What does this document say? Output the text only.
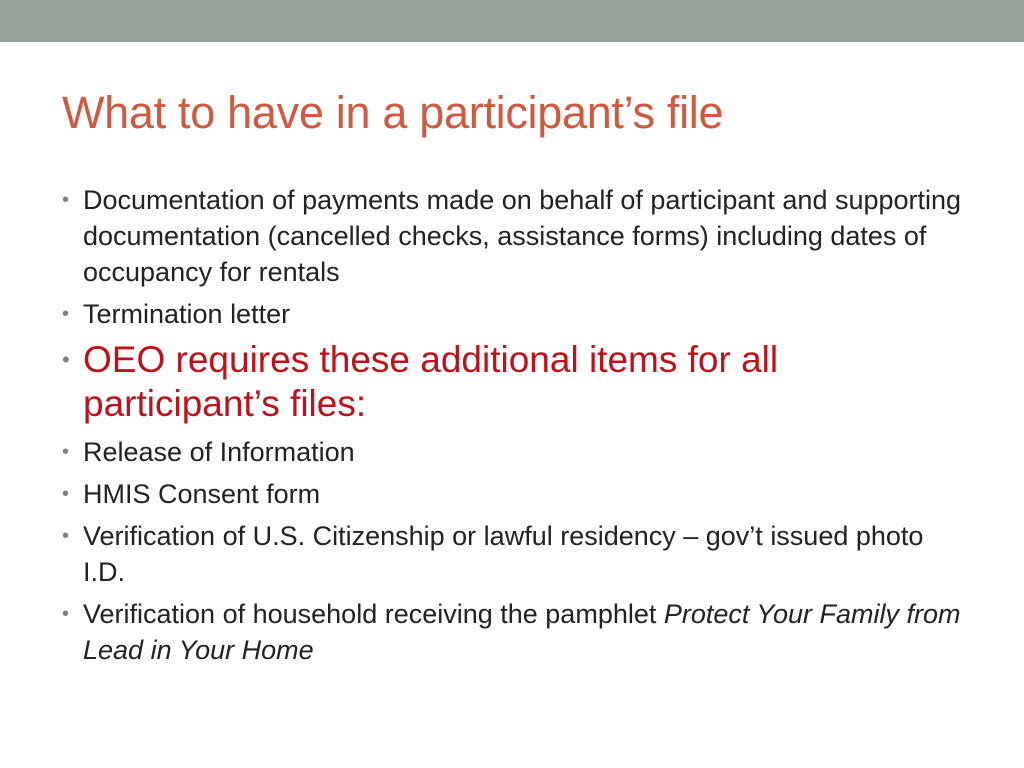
What to have in a participant’s file
• Documentation of payments made on behalf of participant and supporting documentation (cancelled checks, assistance forms) including dates of occupancy for rentals
• Termination letter
• OEO requires these additional items for all participant’s files:
• Release of Information
• HMIS Consent form
• Verification of U.S. Citizenship or lawful residency – gov’t issued photo I.D.
• Verification of household receiving the pamphlet Protect Your Family from Lead in Your Home
